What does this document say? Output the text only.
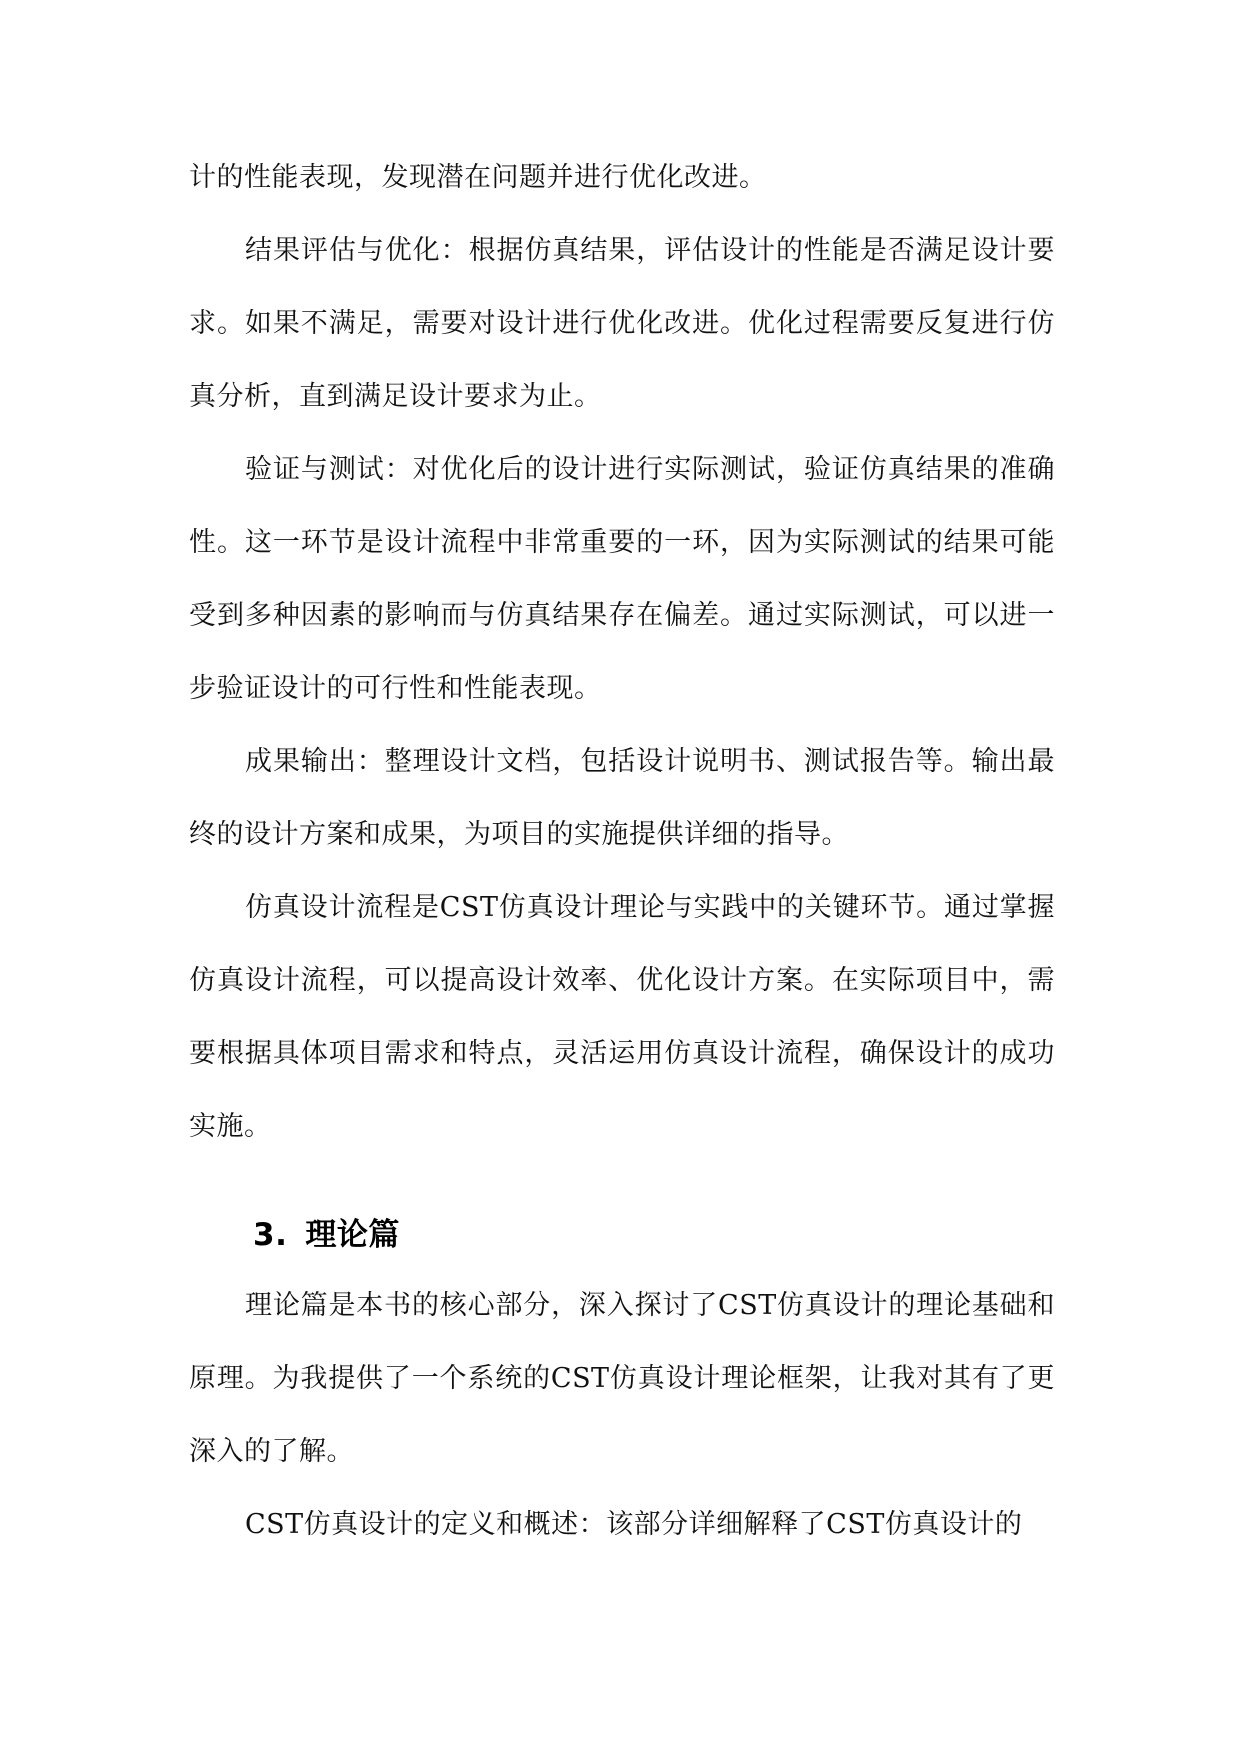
计的性能表现，发现潜在问题并进行优化改进。

结果评估与优化：根据仿真结果，评估设计的性能是否满足设计要求。如果不满足，需要对设计进行优化改进。优化过程需要反复进行仿真分析，直到满足设计要求为止。

验证与测试：对优化后的设计进行实际测试，验证仿真结果的准确性。这一环节是设计流程中非常重要的一环，因为实际测试的结果可能受到多种因素的影响而与仿真结果存在偏差。通过实际测试，可以进一步验证设计的可行性和性能表现。

成果输出：整理设计文档，包括设计说明书、测试报告等。输出最终的设计方案和成果，为项目的实施提供详细的指导。

仿真设计流程是CST仿真设计理论与实践中的关键环节。通过掌握仿真设计流程，可以提高设计效率、优化设计方案。在实际项目中，需要根据具体项目需求和特点，灵活运用仿真设计流程，确保设计的成功实施。

3. 理论篇

理论篇是本书的核心部分，深入探讨了CST仿真设计的理论基础和原理。为我提供了一个系统的CST仿真设计理论框架，让我对其有了更深入的了解。

CST仿真设计的定义和概述：该部分详细解释了CST仿真设计的
